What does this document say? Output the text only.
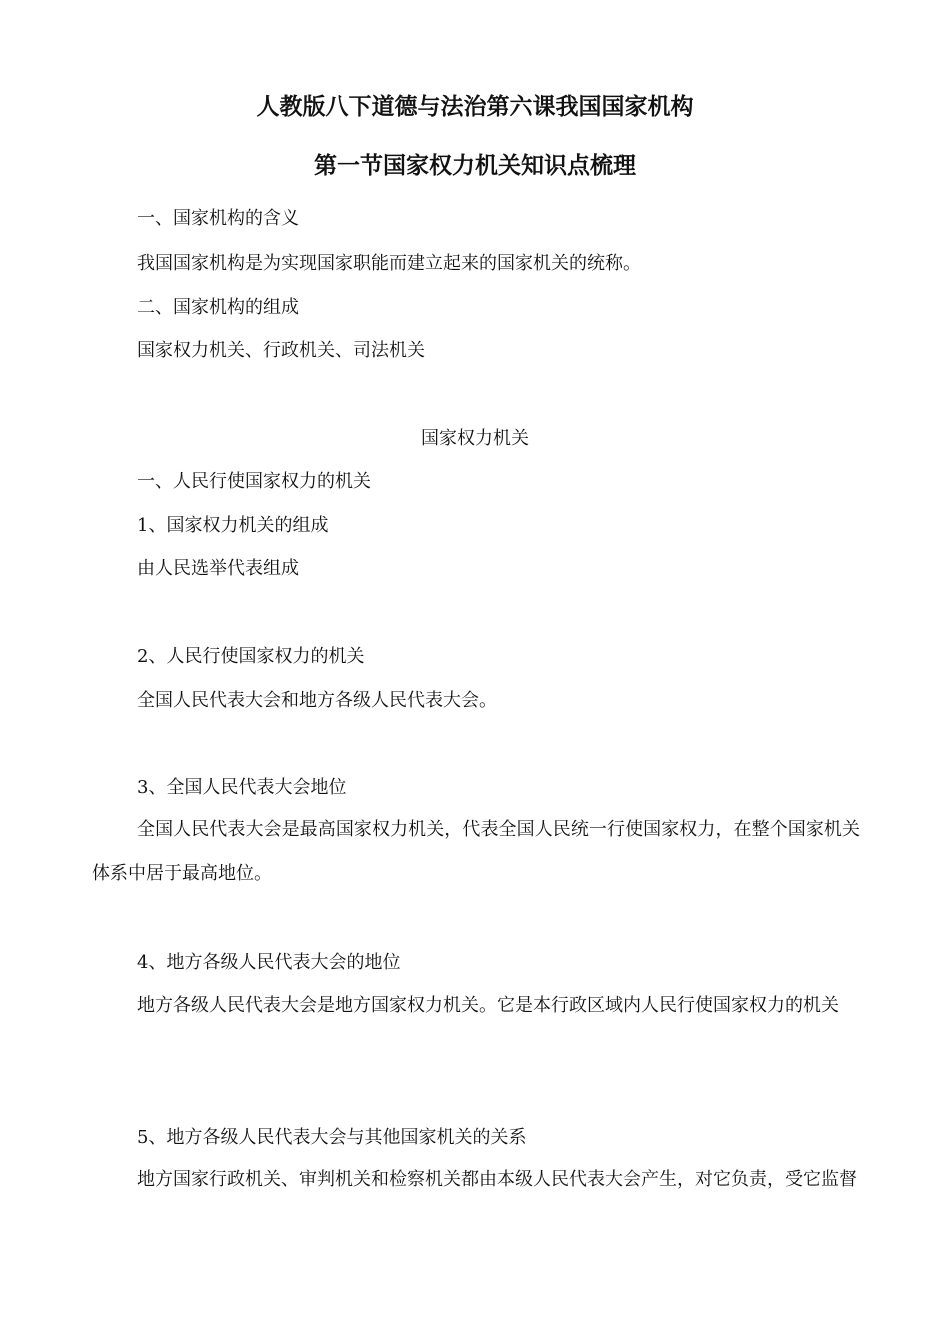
人教版八下道德与法治第六课我国国家机构
第一节国家权力机关知识点梳理

一、国家机构的含义

我国国家机构是为实现国家职能而建立起来的国家机关的统称。

二、国家机构的组成

国家权力机关、行政机关、司法机关

国家权力机关

一、人民行使国家权力的机关

1、国家权力机关的组成

由人民选举代表组成

2、人民行使国家权力的机关

全国人民代表大会和地方各级人民代表大会。

3、全国人民代表大会地位

全国人民代表大会是最高国家权力机关，代表全国人民统一行使国家权力，在整个国家机关体系中居于最高地位。

4、地方各级人民代表大会的地位

地方各级人民代表大会是地方国家权力机关。它是本行政区域内人民行使国家权力的机关

5、地方各级人民代表大会与其他国家机关的关系

地方国家行政机关、审判机关和检察机关都由本级人民代表大会产生，对它负责，受它监督
